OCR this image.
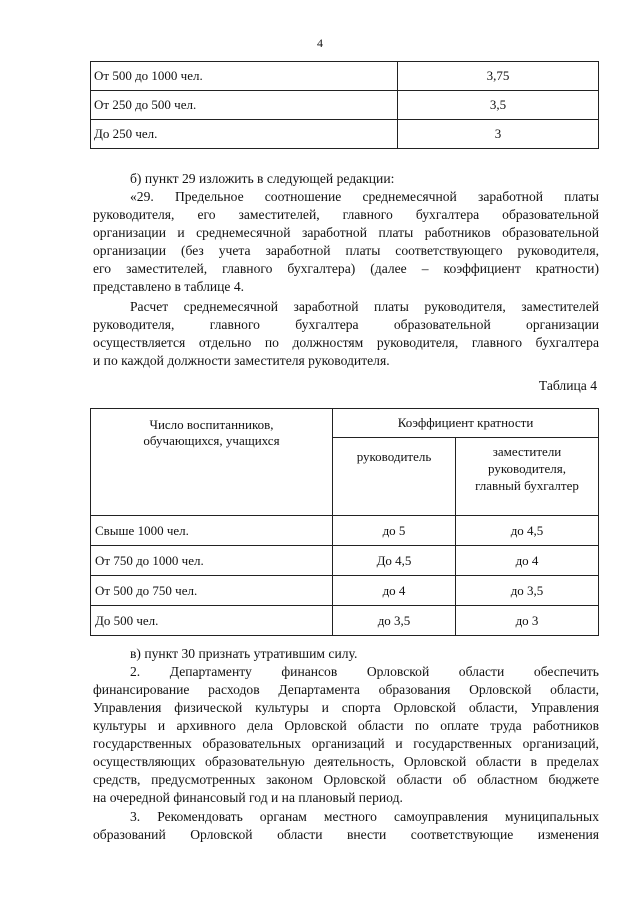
4
От 500 до 1000 чел.	3,75
От 250 до 500 чел.	3,5
До 250 чел.	3

б) пункт 29 изложить в следующей редакции:

«29. Предельное соотношение среднемесячной заработной платы
руководителя, его заместителей, главного бухгалтера образовательной
организации и среднемесячной заработной платы работников образовательной
организации (без учета заработной платы соответствующего руководителя,
его заместителей, главного бухгалтера) (далее – коэффициент кратности)
представлено в таблице 4.
Расчет среднемесячной заработной платы руководителя, заместителей
руководителя, главного бухгалтера образовательной организации
осуществляется отдельно по должностям руководителя, главного бухгалтера
и по каждой должности заместителя руководителя.
Таблица 4
Число воспитанников,
обучающихся, учащихся	Коэффициент кратности	
	руководитель	заместители
руководителя,
главный бухгалтер

Свыше 1000 чел.	до 5	до 4,5
От 750 до 1000 чел.	До 4,5	до 4
От 500 до 750 чел.	до 4	до 3,5
До 500 чел.	до 3,5	до 3

в) пункт 30 признать утратившим силу.

2. Департаменту финансов Орловской области обеспечить
финансирование расходов Департамента образования Орловской области,
Управления физической культуры и спорта Орловской области, Управления
культуры и архивного дела Орловской области по оплате труда работников
государственных образовательных организаций и государственных организаций,
осуществляющих образовательную деятельность, Орловской области в пределах
средств, предусмотренных законом Орловской области об областном бюджете
на очередной финансовый год и на плановый период.
3. Рекомендовать органам местного самоуправления муниципальных
образований Орловской области внести соответствующие изменения
